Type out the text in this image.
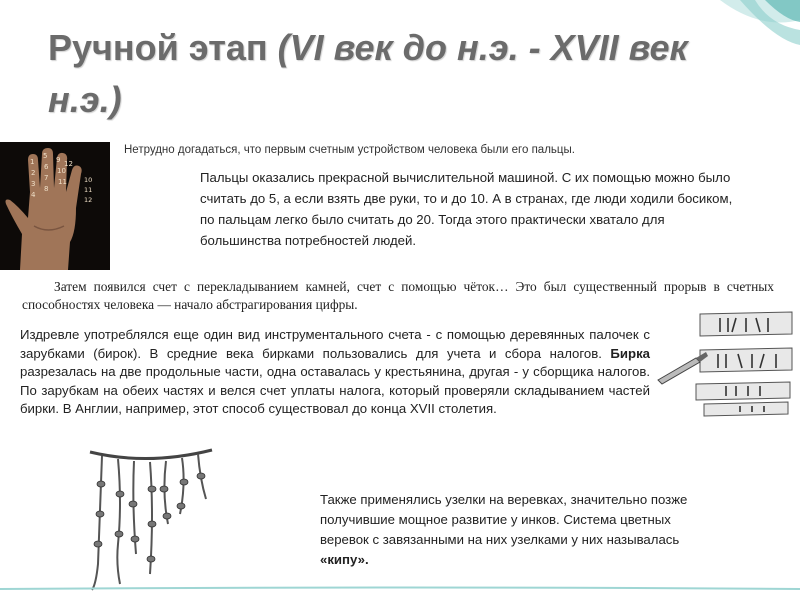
Ручной этап (VI век до н.э. - XVII век н.э.)
1
5 9 12
2
6 10
3
7 11
4
8
10
11
12
Нетрудно догадаться, что первым счетным устройством человека были его пальцы.
Пальцы оказались прекрасной вычислительной машиной. С их помощью можно было считать до 5, а если взять две руки, то и до 10. А в странах, где люди ходили босиком, по пальцам легко было считать до 20. Тогда этого практически хватало для большинства потребностей людей.
Затем появился счет с перекладыванием камней, счет с помощью чёток… Это был существенный прорыв в счетных способностях человека — начало абстрагирования цифры.
Издревле употреблялся еще один вид инструментального счета - с помощью деревянных палочек с зарубками (бирок). В средние века бирками пользовались для учета и сбора налогов. Бирка разрезалась на две продольные части, одна оставалась у крестьянина, другая - у сборщика налогов. По зарубкам на обеих частях и велся счет уплаты налога, который проверяли складыванием частей бирки. В Англии, например, этот способ существовал до конца XVII столетия.
Также применялись узелки на веревках, значительно позже получившие мощное развитие у инков. Система цветных веревок с завязанными на них узелками у них называлась «кипу».
